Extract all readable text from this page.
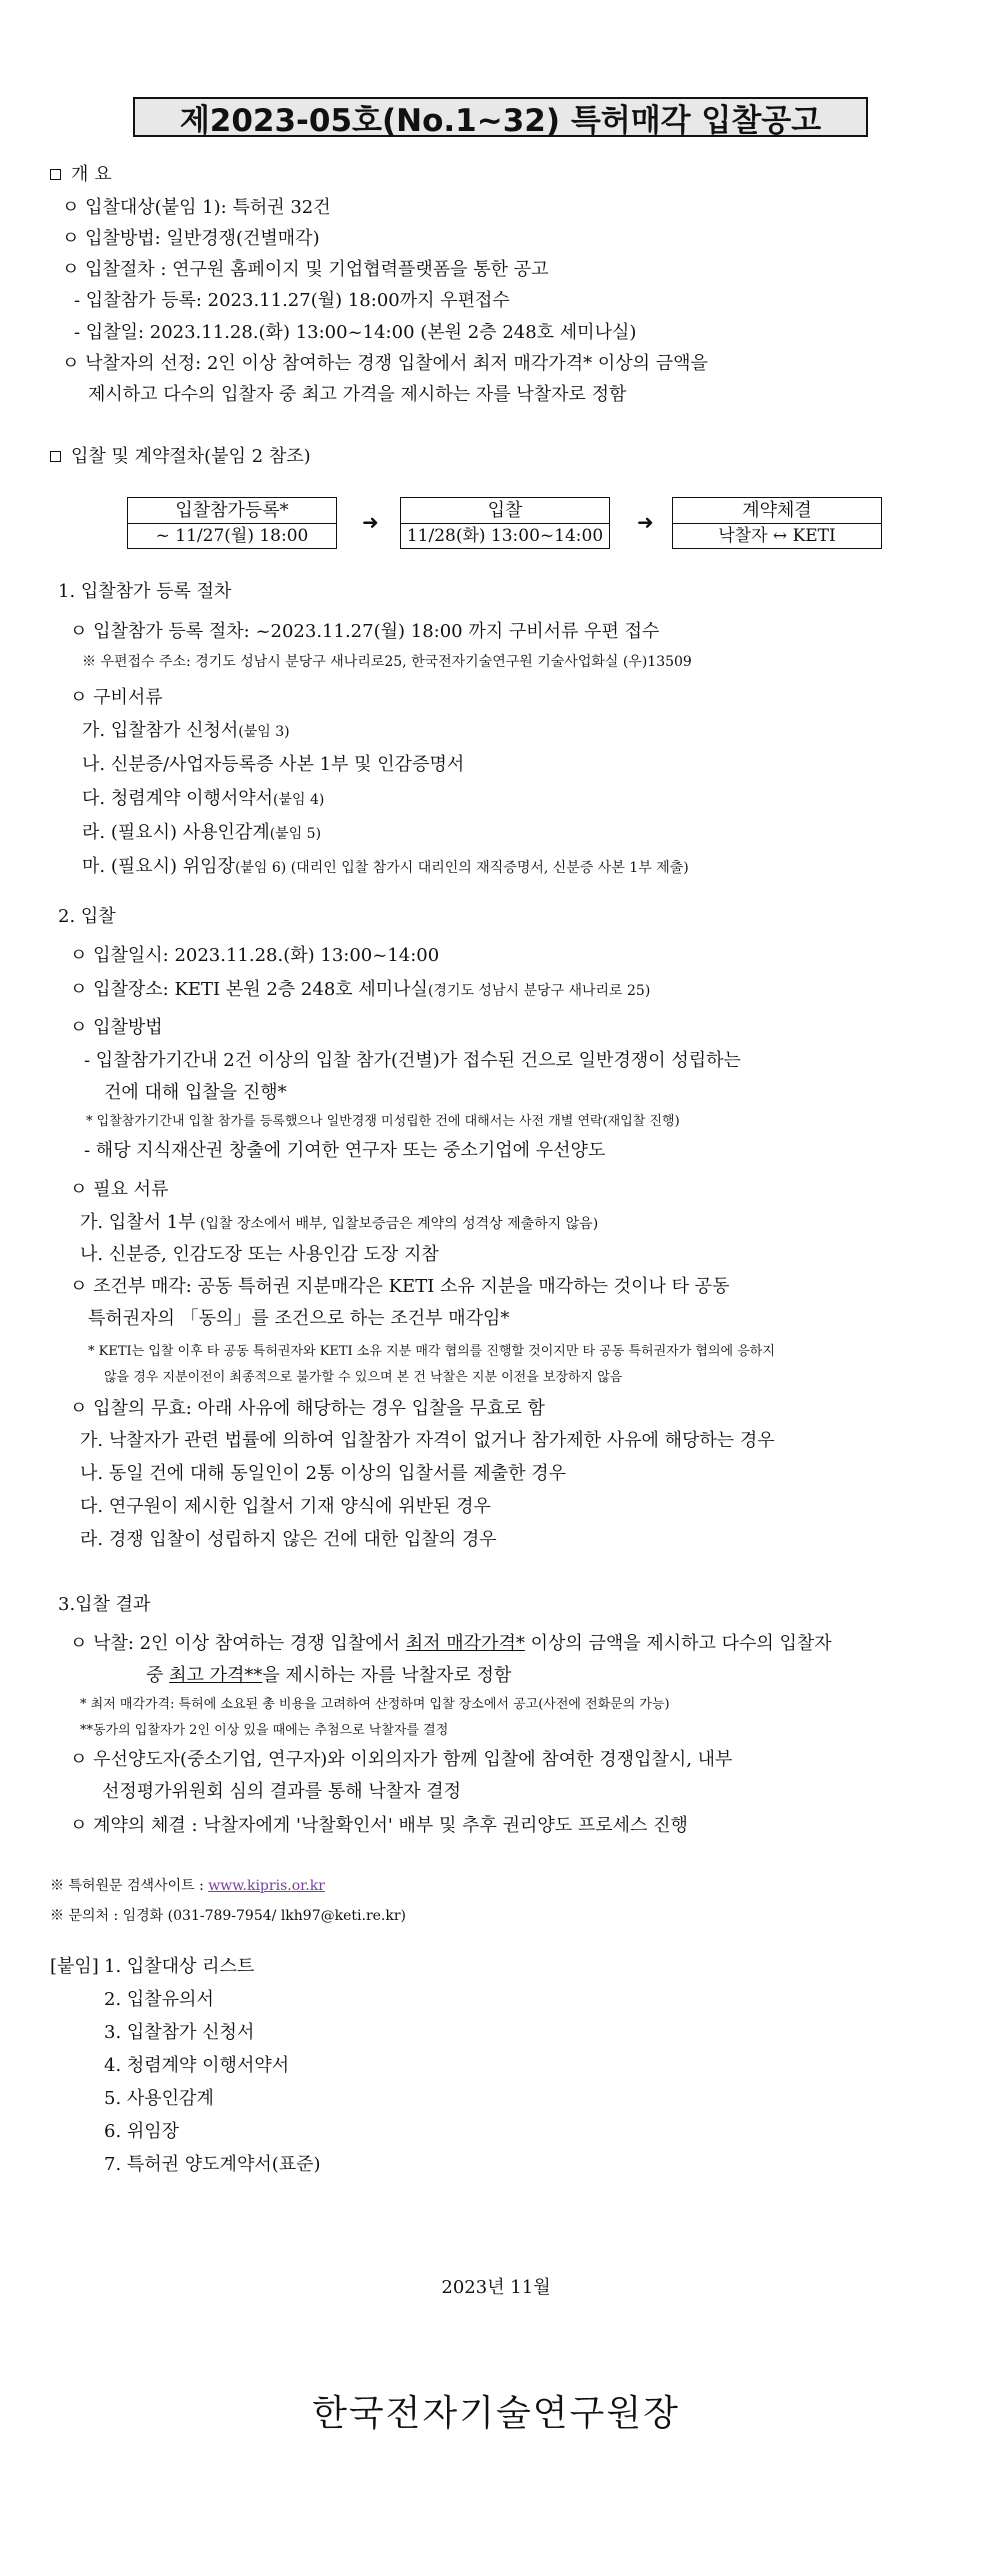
제2023-05호(No.1~32) 특허매각 입찰공고
개 요
ㅇ 입찰대상(붙임 1): 특허권 32건
ㅇ 입찰방법: 일반경쟁(건별매각)
ㅇ 입찰절차 : 연구원 홈페이지 및 기업협력플랫폼을 통한 공고
- 입찰참가 등록: 2023.11.27(월) 18:00까지 우편접수
- 입찰일: 2023.11.28.(화) 13:00~14:00 (본원 2층 248호 세미나실)
ㅇ 낙찰자의 선정: 2인 이상 참여하는 경쟁 입찰에서 최저 매각가격* 이상의 금액을
제시하고 다수의 입찰자 중 최고 가격을 제시하는 자를 낙찰자로 정함
입찰 및 계약절차(붙임 2 참조)
입찰참가등록*
~ 11/27(월) 18:00
➜	입찰
11/28(화) 13:00~14:00
➜	계약체결
낙찰자 ↔ KETI
1. 입찰참가 등록 절차
ㅇ 입찰참가 등록 절차: ~2023.11.27(월) 18:00 까지 구비서류 우편 접수
※ 우편접수 주소: 경기도 성남시 분당구 새나리로25, 한국전자기술연구원 기술사업화실 (우)13509
ㅇ 구비서류
가. 입찰참가 신청서(붙임 3)
나. 신분증/사업자등록증 사본 1부 및 인감증명서
다. 청렴계약 이행서약서(붙임 4)
라. (필요시) 사용인감계(붙임 5)
마. (필요시) 위임장(붙임 6) (대리인 입찰 참가시 대리인의 재직증명서, 신분증 사본 1부 제출)
2. 입찰
ㅇ 입찰일시: 2023.11.28.(화) 13:00~14:00
ㅇ 입찰장소: KETI 본원 2층 248호 세미나실(경기도 성남시 분당구 새나리로 25)
ㅇ 입찰방법
- 입찰참가기간내 2건 이상의 입찰 참가(건별)가 접수된 건으로 일반경쟁이 성립하는
건에 대해 입찰을 진행*
* 입찰참가기간내 입찰 참가를 등록했으나 일반경쟁 미성립한 건에 대해서는 사전 개별 연락(재입찰 진행)
- 해당 지식재산권 창출에 기여한 연구자 또는 중소기업에 우선양도
ㅇ 필요 서류
가. 입찰서 1부 (입찰 장소에서 배부, 입찰보증금은 계약의 성격상 제출하지 않음)
나. 신분증, 인감도장 또는 사용인감 도장 지참
ㅇ 조건부 매각: 공동 특허권 지분매각은 KETI 소유 지분을 매각하는 것이나 타 공동
특허권자의 「동의」를 조건으로 하는 조건부 매각임*
* KETI는 입찰 이후 타 공동 특허권자와 KETI 소유 지분 매각 협의를 진행할 것이지만 타 공동 특허권자가 협의에 응하지
않을 경우 지분이전이 최종적으로 불가할 수 있으며 본 건 낙찰은 지분 이전을 보장하지 않음
ㅇ 입찰의 무효: 아래 사유에 해당하는 경우 입찰을 무효로 함
가. 낙찰자가 관련 법률에 의하여 입찰참가 자격이 없거나 참가제한 사유에 해당하는 경우
나. 동일 건에 대해 동일인이 2통 이상의 입찰서를 제출한 경우
다. 연구원이 제시한 입찰서 기재 양식에 위반된 경우
라. 경쟁 입찰이 성립하지 않은 건에 대한 입찰의 경우
3.입찰 결과
ㅇ 낙찰: 2인 이상 참여하는 경쟁 입찰에서 최저 매각가격* 이상의 금액을 제시하고 다수의 입찰자
중 최고 가격**을 제시하는 자를 낙찰자로 정함
* 최저 매각가격: 특허에 소요된 총 비용을 고려하여 산정하며 입찰 장소에서 공고(사전에 전화문의 가능)
**동가의 입찰자가 2인 이상 있을 때에는 추첨으로 낙찰자를 결정
ㅇ 우선양도자(중소기업, 연구자)와 이외의자가 함께 입찰에 참여한 경쟁입찰시, 내부
선정평가위원회 심의 결과를 통해 낙찰자 결정
ㅇ 계약의 체결 : 낙찰자에게 '낙찰확인서' 배부 및 추후 권리양도 프로세스 진행
※ 특허원문 검색사이트 : www.kipris.or.kr
※ 문의처 : 임경화 (031-789-7954/ lkh97@keti.re.kr)
[붙임] 1. 입찰대상 리스트
2. 입찰유의서
3. 입찰참가 신청서
4. 청렴계약 이행서약서
5. 사용인감계
6. 위임장
7. 특허권 양도계약서(표준)
2023년 11월
한국전자기술연구원장
